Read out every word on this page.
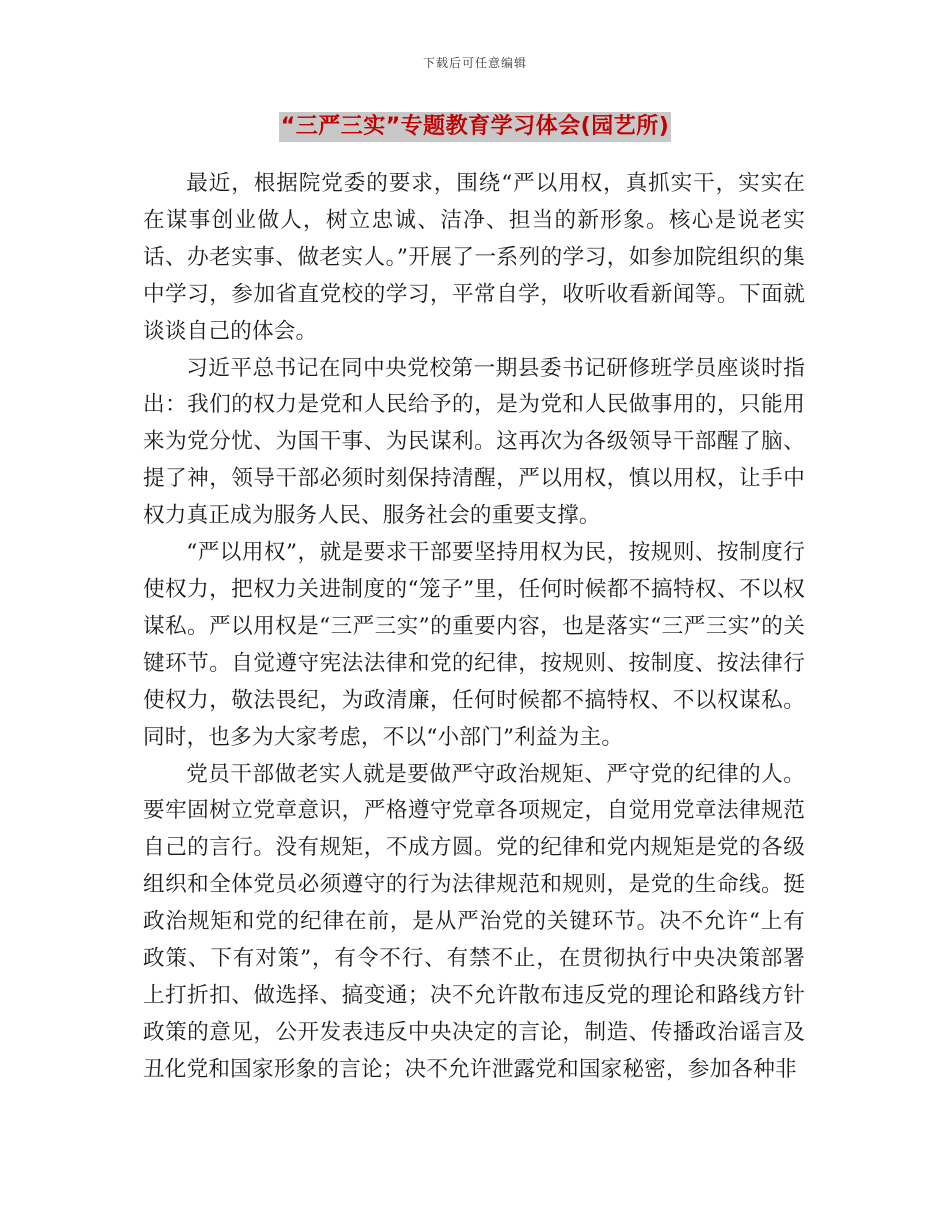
下载后可任意编辑
“三严三实”专题教育学习体会(园艺所)

最近，根据院党委的要求，围绕“严以用权，真抓实干，实实在在谋事创业做人，树立忠诚、洁净、担当的新形象。核心是说老实话、办老实事、做老实人。”开展了一系列的学习，如参加院组织的集中学习，参加省直党校的学习，平常自学，收听收看新闻等。下面就谈谈自己的体会。

习近平总书记在同中央党校第一期县委书记研修班学员座谈时指出：我们的权力是党和人民给予的，是为党和人民做事用的，只能用来为党分忧、为国干事、为民谋利。这再次为各级领导干部醒了脑、提了神，领导干部必须时刻保持清醒，严以用权，慎以用权，让手中权力真正成为服务人民、服务社会的重要支撑。

“严以用权”，就是要求干部要坚持用权为民，按规则、按制度行使权力，把权力关进制度的“笼子”里，任何时候都不搞特权、不以权谋私。严以用权是“三严三实”的重要内容，也是落实“三严三实”的关键环节。自觉遵守宪法法律和党的纪律，按规则、按制度、按法律行使权力，敬法畏纪，为政清廉，任何时候都不搞特权、不以权谋私。同时，也多为大家考虑，不以“小部门”利益为主。

党员干部做老实人就是要做严守政治规矩、严守党的纪律的人。要牢固树立党章意识，严格遵守党章各项规定，自觉用党章法律规范自己的言行。没有规矩，不成方圆。党的纪律和党内规矩是党的各级组织和全体党员必须遵守的行为法律规范和规则，是党的生命线。挺政治规矩和党的纪律在前，是从严治党的关键环节。决不允许“上有政策、下有对策”，有令不行、有禁不止，在贯彻执行中央决策部署上打折扣、做选择、搞变通；决不允许散布违反党的理论和路线方针政策的意见，公开发表违反中央决定的言论，制造、传播政治谣言及丑化党和国家形象的言论；决不允许泄露党和国家秘密，参加各种非
